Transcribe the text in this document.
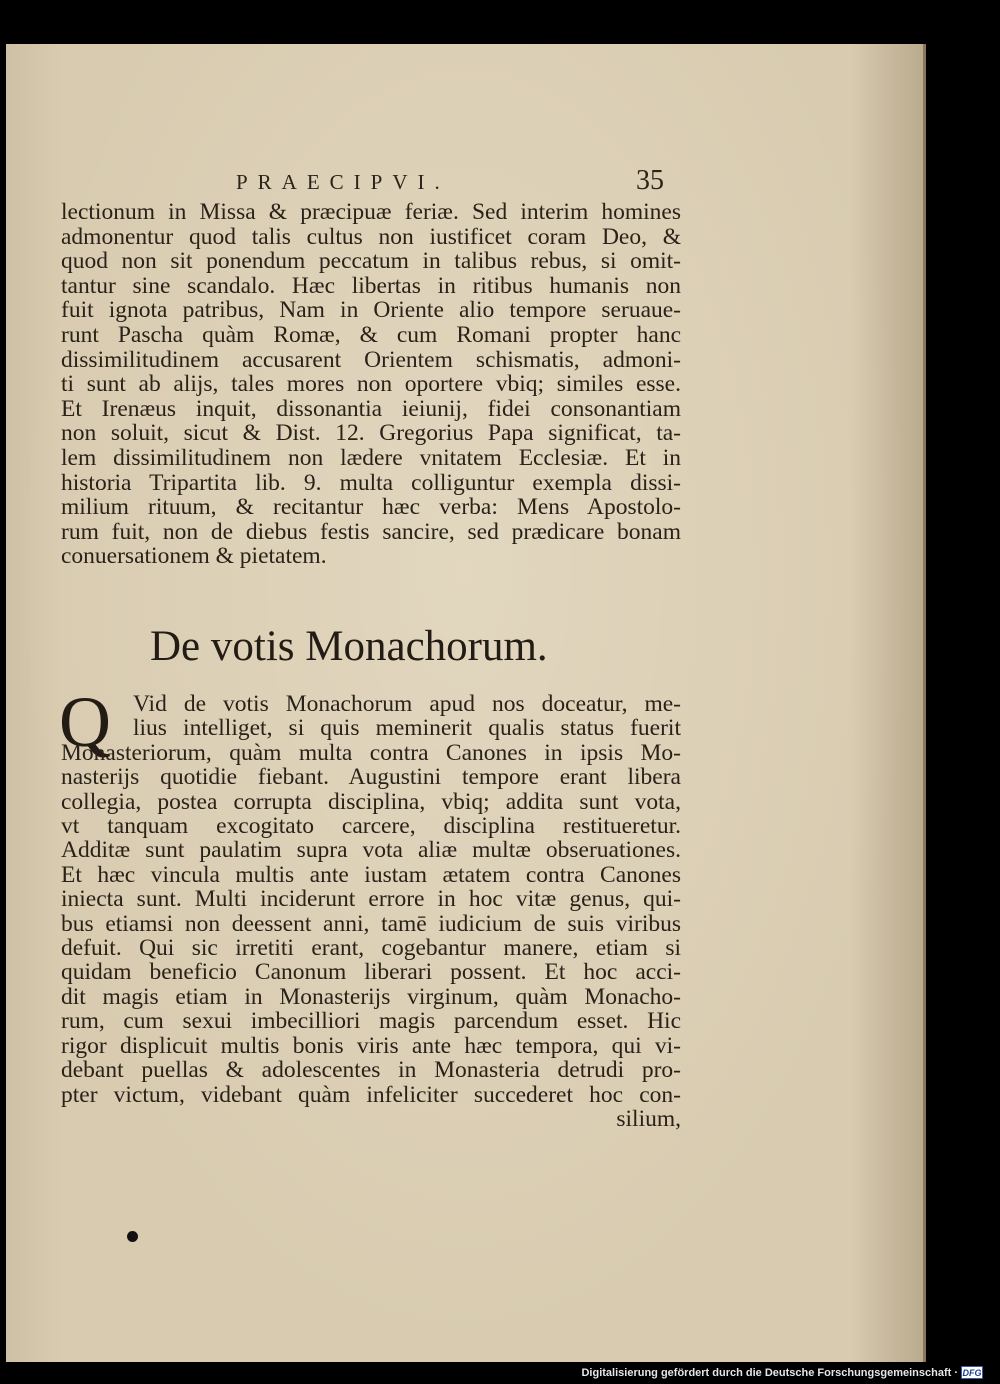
PRAECIPVI.	35
lectionum in Missa & præcipuæ feriæ. Sed interim homines
admonentur quod talis cultus non iustificet coram Deo, &
quod non sit ponendum peccatum in talibus rebus, si omit-
tantur sine scandalo. Hæc libertas in ritibus humanis non
fuit ignota patribus, Nam in Oriente alio tempore seruaue-
runt Pascha quàm Romæ, & cum Romani propter hanc
dissimilitudinem accusarent Orientem schismatis, admoni-
ti sunt ab alijs, tales mores non oportere vbiq; similes esse.
Et Irenæus inquit, dissonantia ieiunij, fidei consonantiam
non soluit, sicut & Dist. 12. Gregorius Papa significat, ta-
lem dissimilitudinem non lædere vnitatem Ecclesiæ. Et in
historia Tripartita lib. 9. multa colliguntur exempla dissi-
milium rituum, & recitantur hæc verba: Mens Apostolo-
rum fuit, non de diebus festis sancire, sed prædicare bonam
conuersationem & pietatem.
De votis Monachorum.
Q Vid de votis Monachorum apud nos doceatur, me-
lius intelliget, si quis meminerit qualis status fuerit
Monasteriorum, quàm multa contra Canones in ipsis Mo-
nasterijs quotidie fiebant. Augustini tempore erant libera
collegia, postea corrupta disciplina, vbiq; addita sunt vota,
vt tanquam excogitato carcere, disciplina restitueretur.
Additæ sunt paulatim supra vota aliæ multæ obseruationes.
Et hæc vincula multis ante iustam ætatem contra Canones
iniecta sunt. Multi inciderunt errore in hoc vitæ genus, qui-
bus etiamsi non deessent anni, tamē iudicium de suis viribus
defuit. Qui sic irretiti erant, cogebantur manere, etiam si
quidam beneficio Canonum liberari possent. Et hoc acci-
dit magis etiam in Monasterijs virginum, quàm Monacho-
rum, cum sexui imbecilliori magis parcendum esset. Hic
rigor displicuit multis bonis viris ante hæc tempora, qui vi-
debant puellas & adolescentes in Monasteria detrudi pro-
pter victum, videbant quàm infeliciter succederet hoc con-
silium,
Digitalisierung gefördert durch die Deutsche Forschungsgemeinschaft · DFG
